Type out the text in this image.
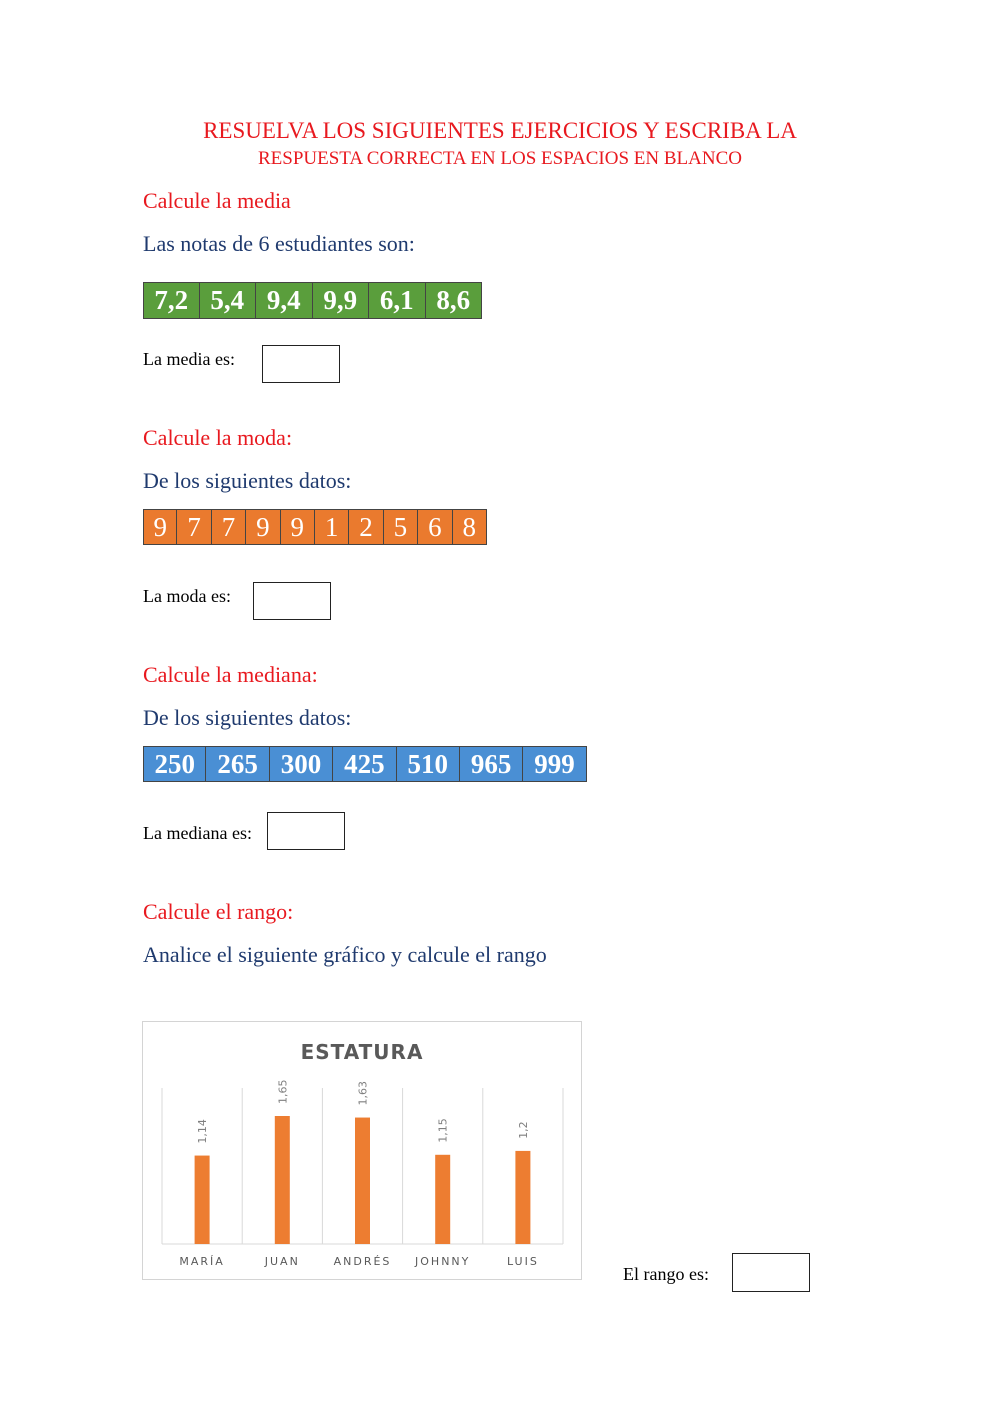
RESUELVA LOS SIGUIENTES EJERCICIOS Y ESCRIBA LA
RESPUESTA CORRECTA EN LOS ESPACIOS EN BLANCO
Calcule la media
Las notas de 6 estudiantes son:
7,2 5,4 9,4 9,9 6,1 8,6
La media es:
Calcule la moda:
De los siguientes datos:
9 7 7 9 9 1 2 5 6 8
La moda es:
Calcule la mediana:
De los siguientes datos:
250 265 300 425 510 965 999
La mediana es:
Calcule el rango:
Analice el siguiente gráfico y calcule el rango
ESTATURA
1,14
1,65	1,63
1,15	1,2
MARÍA	JUAN	ANDRÉS JOHNNY	LUIS
El rango es:
